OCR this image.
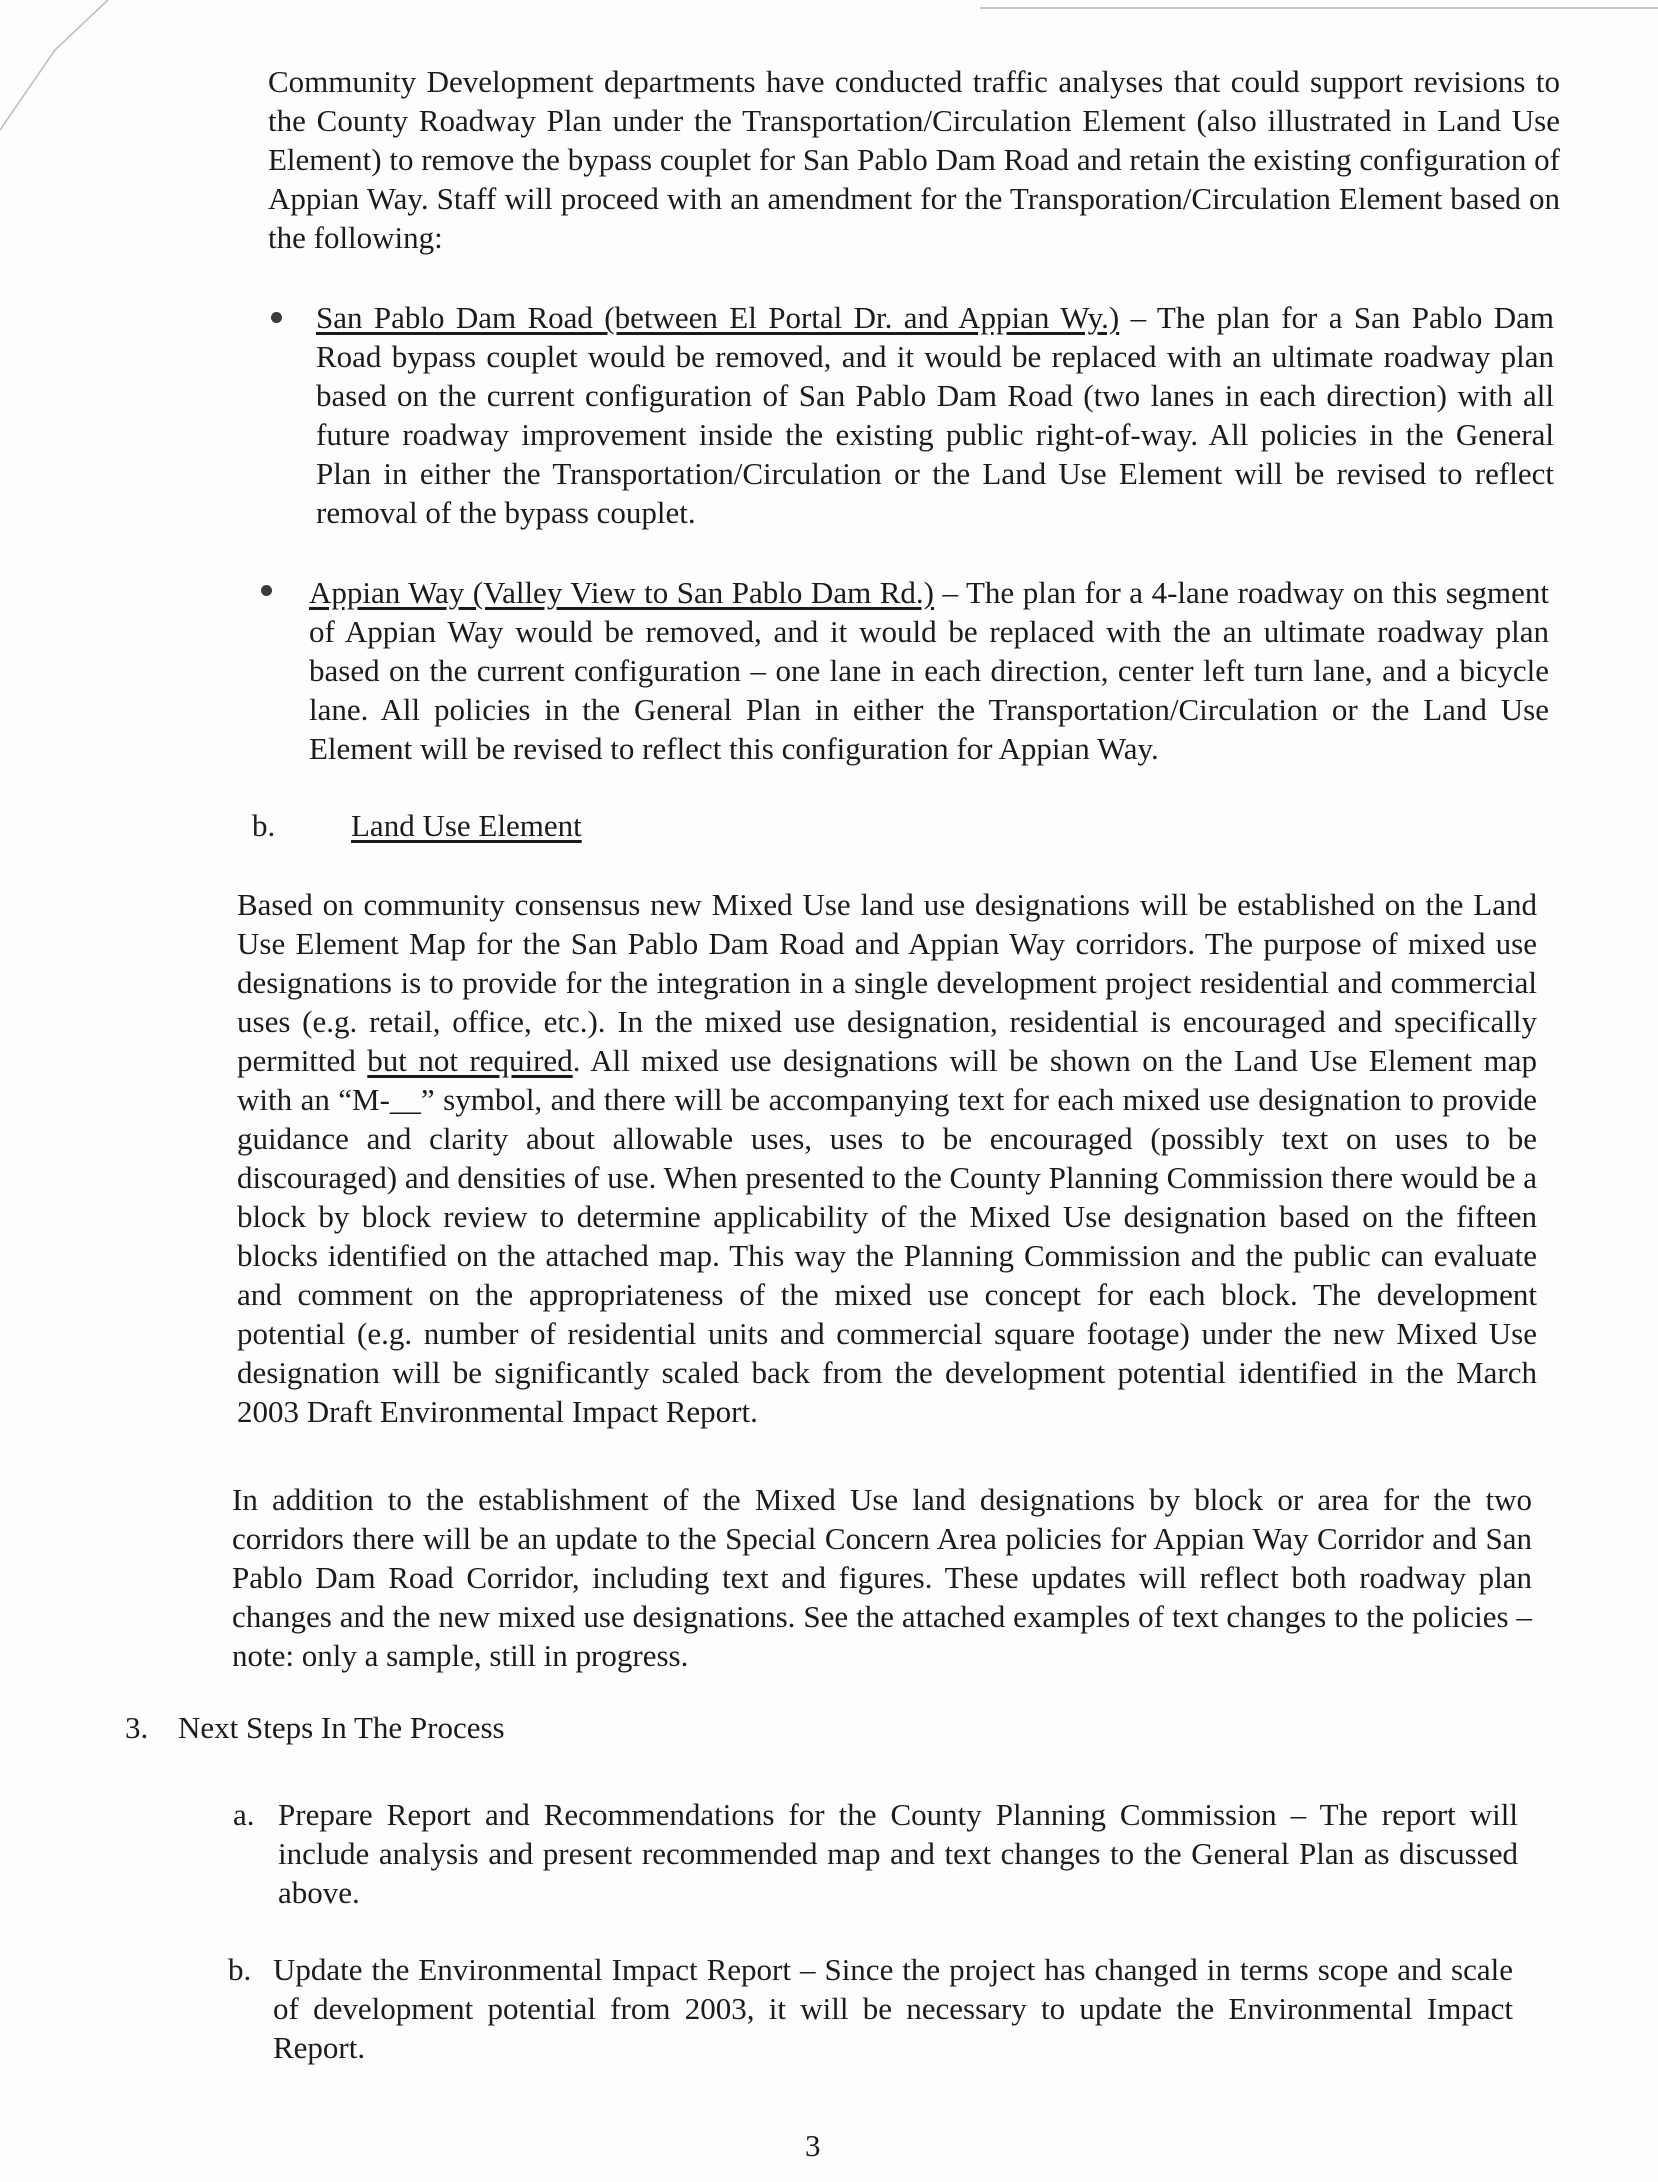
Community Development departments have conducted traffic analyses that could support revisions to the County Roadway Plan under the Transportation/Circulation Element (also illustrated in Land Use Element) to remove the bypass couplet for San Pablo Dam Road and retain the existing configuration of Appian Way. Staff will proceed with an amendment for the Transporation/Circulation Element based on the following:

San Pablo Dam Road (between El Portal Dr. and Appian Wy.) – The plan for a San Pablo Dam Road bypass couplet would be removed, and it would be replaced with an ultimate roadway plan based on the current configuration of San Pablo Dam Road (two lanes in each direction) with all future roadway improvement inside the existing public right-of-way. All policies in the General Plan in either the Transportation/Circulation or the Land Use Element will be revised to reflect removal of the bypass couplet.

Appian Way (Valley View to San Pablo Dam Rd.) – The plan for a 4-lane roadway on this segment of Appian Way would be removed, and it would be replaced with the an ultimate roadway plan based on the current configuration – one lane in each direction, center left turn lane, and a bicycle lane. All policies in the General Plan in either the Transportation/Circulation or the Land Use Element will be revised to reflect this configuration for Appian Way.

b. Land Use Element

Based on community consensus new Mixed Use land use designations will be established on the Land Use Element Map for the San Pablo Dam Road and Appian Way corridors. The purpose of mixed use designations is to provide for the integration in a single development project residential and commercial uses (e.g. retail, office, etc.). In the mixed use designation, residential is encouraged and specifically permitted but not required. All mixed use designations will be shown on the Land Use Element map with an “M-__” symbol, and there will be accompanying text for each mixed use designation to provide guidance and clarity about allowable uses, uses to be encouraged (possibly text on uses to be discouraged) and densities of use. When presented to the County Planning Commission there would be a block by block review to determine applicability of the Mixed Use designation based on the fifteen blocks identified on the attached map. This way the Planning Commission and the public can evaluate and comment on the appropriateness of the mixed use concept for each block. The development potential (e.g. number of residential units and commercial square footage) under the new Mixed Use designation will be significantly scaled back from the development potential identified in the March 2003 Draft Environmental Impact Report.

In addition to the establishment of the Mixed Use land designations by block or area for the two corridors there will be an update to the Special Concern Area policies for Appian Way Corridor and San Pablo Dam Road Corridor, including text and figures. These updates will reflect both roadway plan changes and the new mixed use designations. See the attached examples of text changes to the policies – note: only a sample, still in progress.

3. Next Steps In The Process
a. Prepare Report and Recommendations for the County Planning Commission – The report will include analysis and present recommended map and text changes to the General Plan as discussed above.
b. Update the Environmental Impact Report – Since the project has changed in terms scope and scale of development potential from 2003, it will be necessary to update the Environmental Impact Report.
3
